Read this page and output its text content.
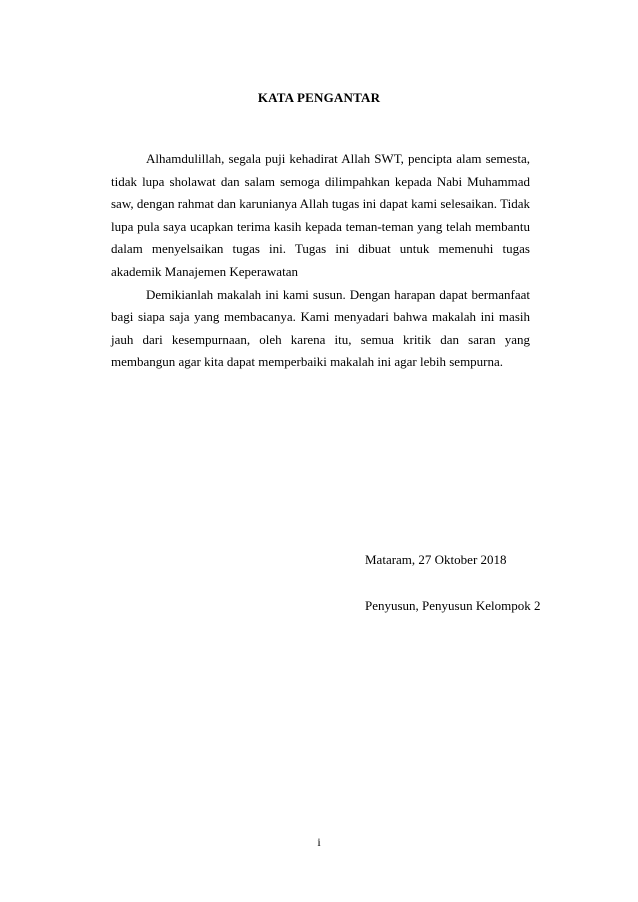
KATA PENGANTAR

Alhamdulillah, segala puji kehadirat Allah SWT, pencipta alam semesta, tidak lupa sholawat dan salam semoga dilimpahkan kepada Nabi Muhammad saw, dengan rahmat dan karunianya Allah tugas ini dapat kami selesaikan. Tidak lupa pula saya ucapkan terima kasih kepada teman-teman yang telah membantu dalam menyelsaikan tugas ini. Tugas ini dibuat untuk memenuhi tugas akademik Manajemen Keperawatan

Demikianlah makalah ini kami susun. Dengan harapan dapat bermanfaat bagi siapa saja yang membacanya. Kami menyadari bahwa makalah ini masih jauh dari kesempurnaan, oleh karena itu, semua kritik dan saran yang membangun agar kita dapat memperbaiki makalah ini agar lebih sempurna.

Mataram, 27 Oktober 2018
Penyusun, Penyusun Kelompok 2
i
